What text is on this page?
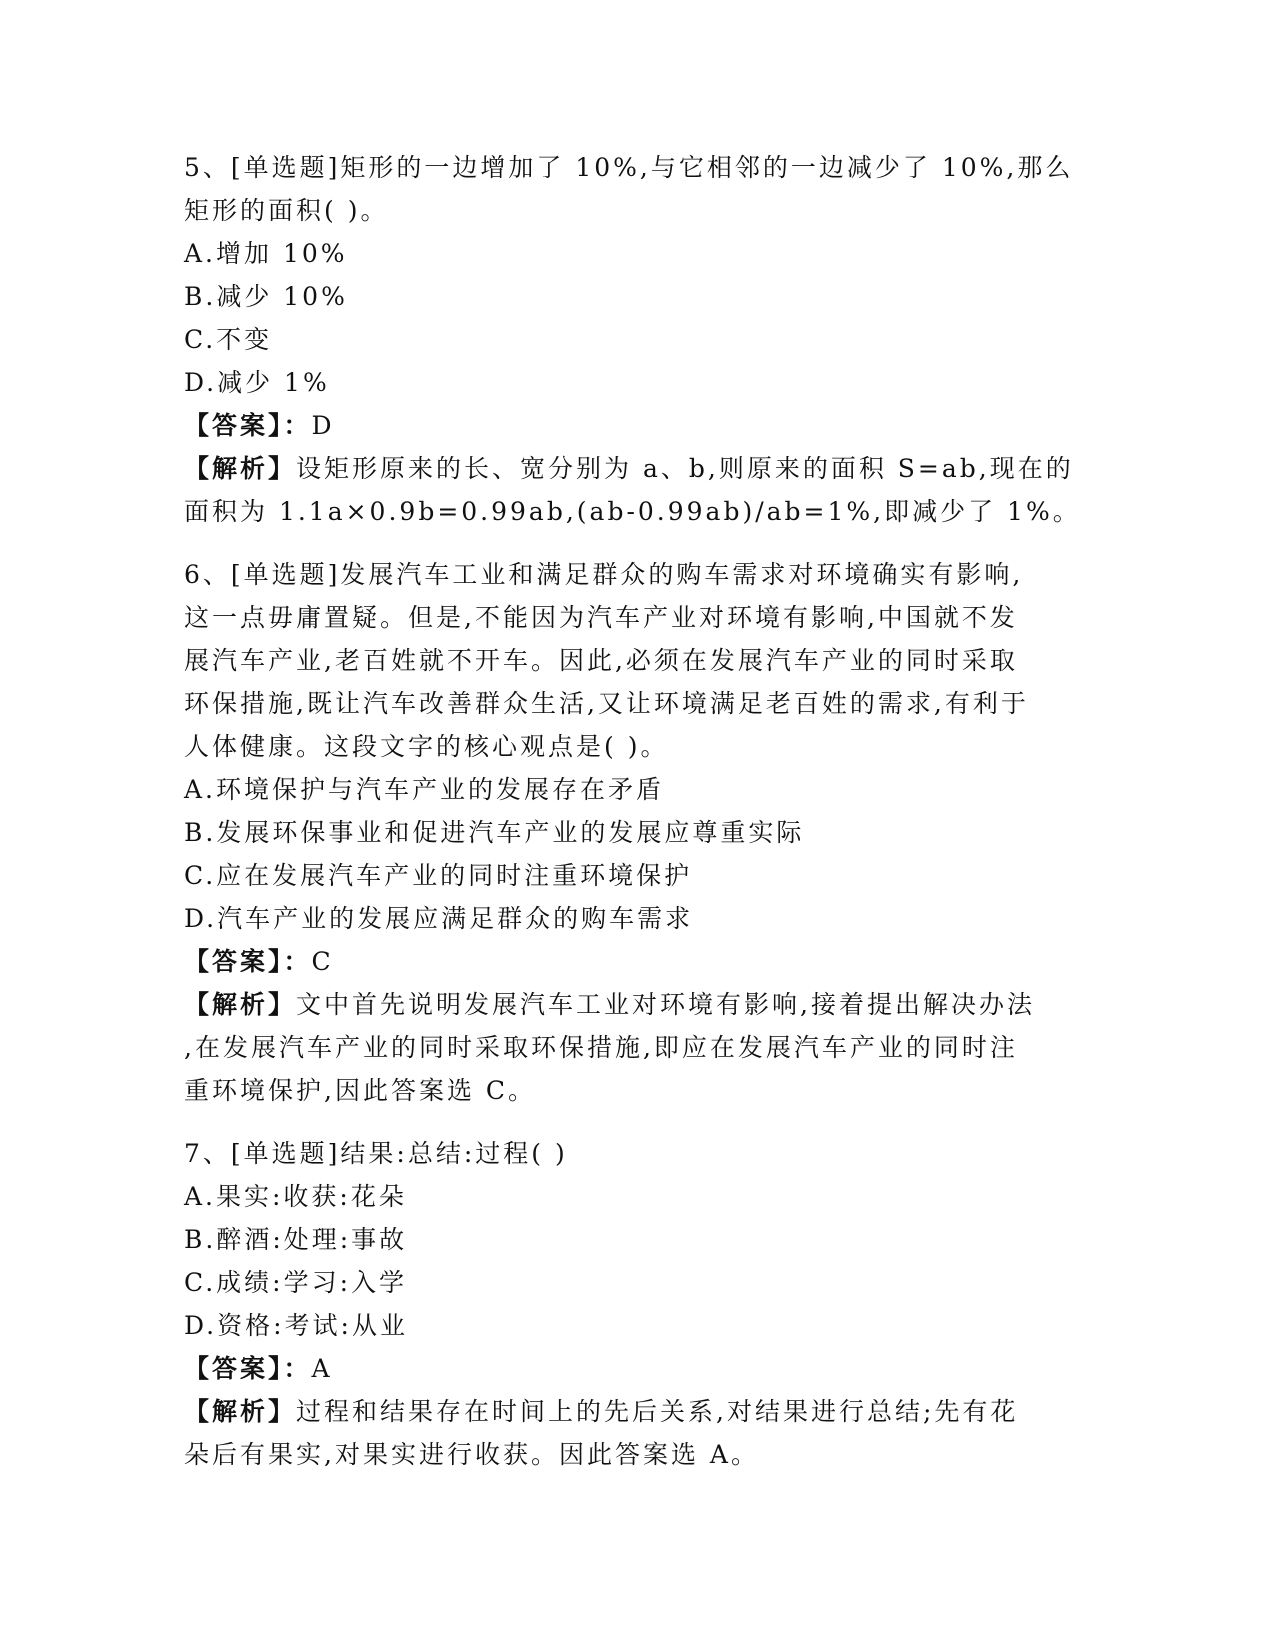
5、[单选题]矩形的一边增加了 10%,与它相邻的一边减少了 10%,那么
矩形的面积( )。
A.增加 10%
B.减少 10%
C.不变
D.减少 1%
【答案】：D
【解析】设矩形原来的长、宽分别为 a、b,则原来的面积 S=ab,现在的
面积为 1.1a×0.9b=0.99ab,(ab-0.99ab)/ab=1%,即减少了 1%。
6、[单选题]发展汽车工业和满足群众的购车需求对环境确实有影响,
这一点毋庸置疑。但是,不能因为汽车产业对环境有影响,中国就不发
展汽车产业,老百姓就不开车。因此,必须在发展汽车产业的同时采取
环保措施,既让汽车改善群众生活,又让环境满足老百姓的需求,有利于
人体健康。这段文字的核心观点是( )。
A.环境保护与汽车产业的发展存在矛盾
B.发展环保事业和促进汽车产业的发展应尊重实际
C.应在发展汽车产业的同时注重环境保护
D.汽车产业的发展应满足群众的购车需求
【答案】：C
【解析】文中首先说明发展汽车工业对环境有影响,接着提出解决办法
,在发展汽车产业的同时采取环保措施,即应在发展汽车产业的同时注
重环境保护,因此答案选 C。
7、[单选题]结果:总结:过程( )
A.果实:收获:花朵
B.醉酒:处理:事故
C.成绩:学习:入学
D.资格:考试:从业
【答案】：A
【解析】过程和结果存在时间上的先后关系,对结果进行总结;先有花
朵后有果实,对果实进行收获。因此答案选 A。
